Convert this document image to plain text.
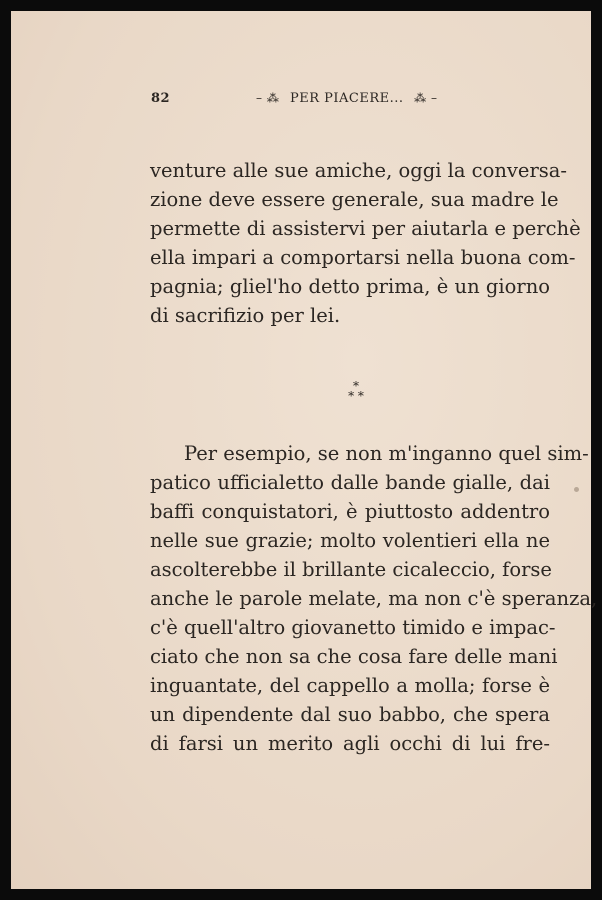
82	– ⁂ PER PIACERE... ⁂ –
venture alle sue amiche, oggi la conversa-
zione deve essere generale, sua madre le
permette di assistervi per aiutarla e perchè
ella impari a comportarsi nella buona com-
pagnia; gliel'ho detto prima, è un giorno
di sacrifizio per lei.
*
* *
Per esempio, se non m'inganno quel sim-
patico ufficialetto dalle bande gialle, dai
baffi conquistatori, è piuttosto addentro
nelle sue grazie; molto volentieri ella ne
ascolterebbe il brillante cicaleccio, forse
anche le parole melate, ma non c'è speranza,
c'è quell'altro giovanetto timido e impac-
ciato che non sa che cosa fare delle mani
inguantate, del cappello a molla; forse è
un dipendente dal suo babbo, che spera
di farsi un merito agli occhi di lui fre-
